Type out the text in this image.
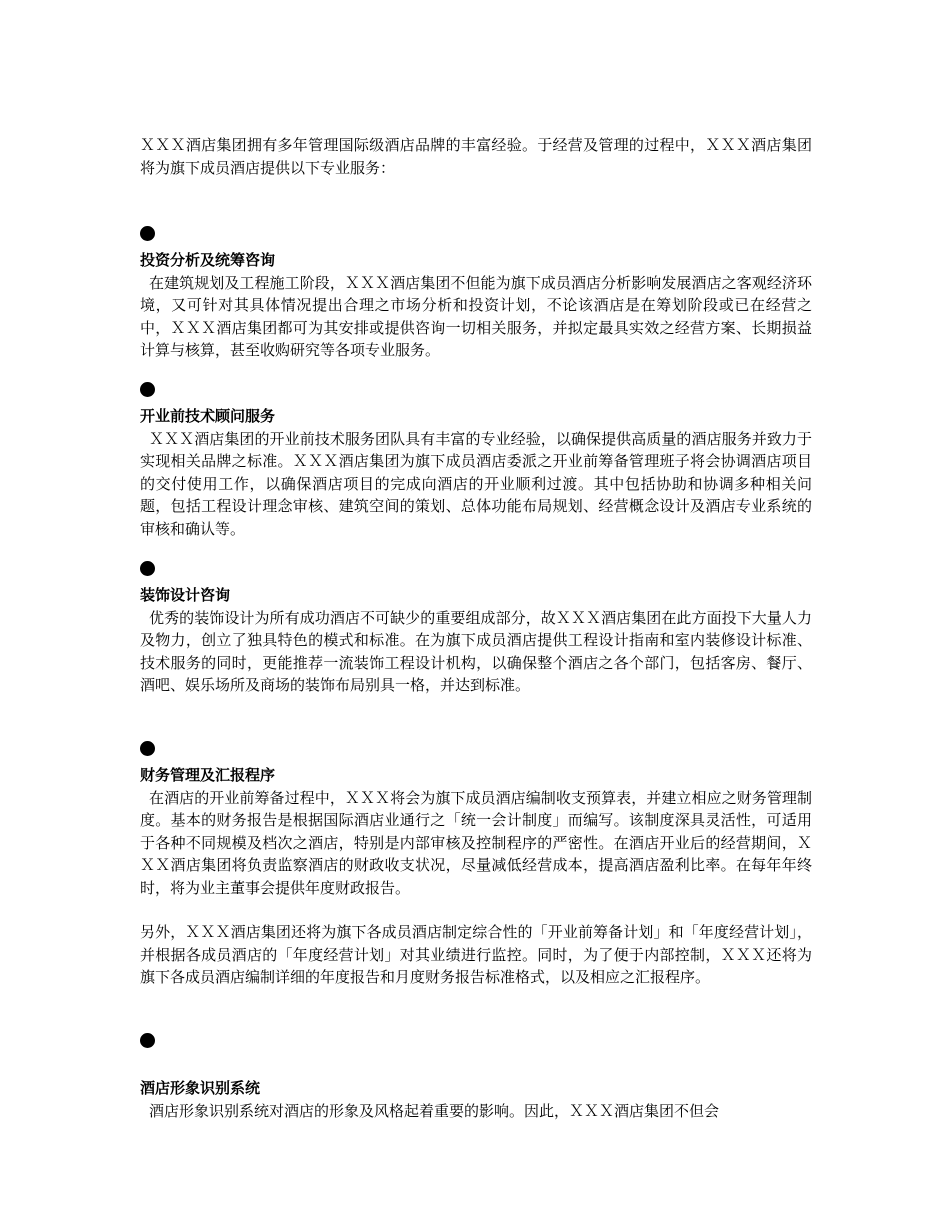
ＸＸＸ酒店集团拥有多年管理国际级酒店品牌的丰富经验。于经营及管理的过程中，ＸＸＸ酒店集团将为旗下成员酒店提供以下专业服务：

投资分析及统筹咨询

在建筑规划及工程施工阶段，ＸＸＸ酒店集团不但能为旗下成员酒店分析影响发展酒店之客观经济环境，又可针对其具体情况提出合理之市场分析和投资计划，不论该酒店是在筹划阶段或已在经营之中，ＸＸＸ酒店集团都可为其安排或提供咨询一切相关服务，并拟定最具实效之经营方案、长期损益计算与核算，甚至收购研究等各项专业服务。

开业前技术顾问服务

ＸＸＸ酒店集团的开业前技术服务团队具有丰富的专业经验，以确保提供高质量的酒店服务并致力于实现相关品牌之标准。ＸＸＸ酒店集团为旗下成员酒店委派之开业前筹备管理班子将会协调酒店项目的交付使用工作，以确保酒店项目的完成向酒店的开业顺利过渡。其中包括协助和协调多种相关问题，包括工程设计理念审核、建筑空间的策划、总体功能布局规划、经营概念设计及酒店专业系统的审核和确认等。

装饰设计咨询

优秀的装饰设计为所有成功酒店不可缺少的重要组成部分，故ＸＸＸ酒店集团在此方面投下大量人力及物力，创立了独具特色的模式和标准。在为旗下成员酒店提供工程设计指南和室内装修设计标准、技术服务的同时，更能推荐一流装饰工程设计机构，以确保整个酒店之各个部门，包括客房、餐厅、酒吧、娱乐场所及商场的装饰布局别具一格，并达到标准。

财务管理及汇报程序

在酒店的开业前筹备过程中，ＸＸＸ将会为旗下成员酒店编制收支预算表，并建立相应之财务管理制度。基本的财务报告是根据国际酒店业通行之「统一会计制度」而编写。该制度深具灵活性，可适用于各种不同规模及档次之酒店，特别是内部审核及控制程序的严密性。在酒店开业后的经营期间，ＸＸＸ酒店集团将负责监察酒店的财政收支状况，尽量减低经营成本，提高酒店盈利比率。在每年年终时，将为业主董事会提供年度财政报告。

另外，ＸＸＸ酒店集团还将为旗下各成员酒店制定综合性的「开业前筹备计划」和「年度经营计划」，并根据各成员酒店的「年度经营计划」对其业绩进行监控。同时，为了便于内部控制，ＸＸＸ还将为旗下各成员酒店编制详细的年度报告和月度财务报告标准格式，以及相应之汇报程序。

酒店形象识别系统

酒店形象识别系统对酒店的形象及风格起着重要的影响。因此，ＸＸＸ酒店集团不但会
